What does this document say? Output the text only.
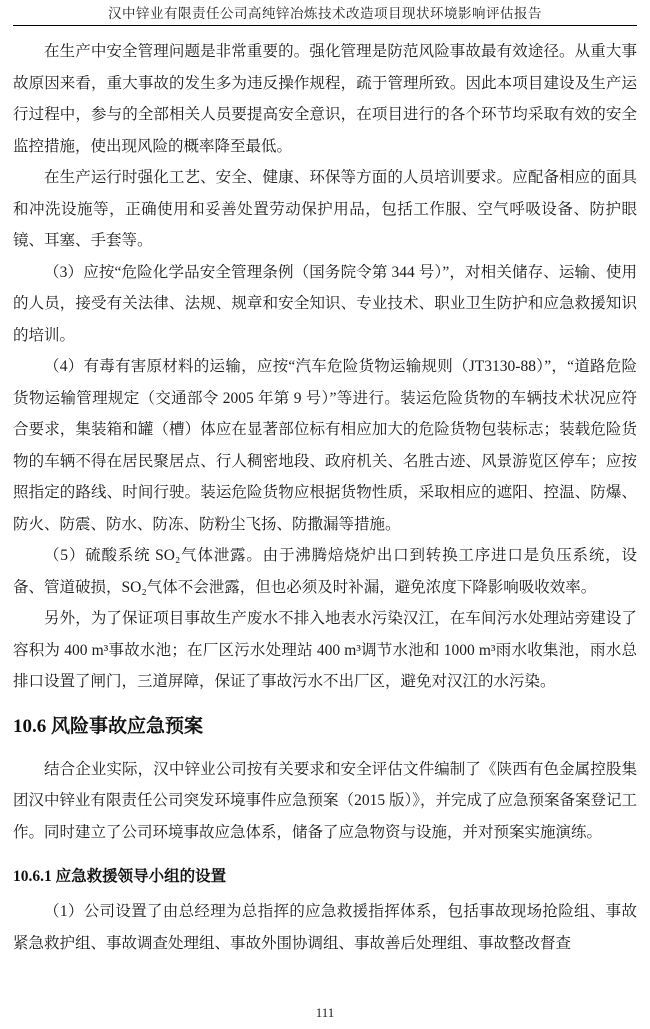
汉中锌业有限责任公司高纯锌冶炼技术改造项目现状环境影响评估报告

在生产中安全管理问题是非常重要的。强化管理是防范风险事故最有效途径。从重大事故原因来看，重大事故的发生多为违反操作规程，疏于管理所致。因此本项目建设及生产运行过程中，参与的全部相关人员要提高安全意识，在项目进行的各个环节均采取有效的安全监控措施，使出现风险的概率降至最低。

在生产运行时强化工艺、安全、健康、环保等方面的人员培训要求。应配备相应的面具和冲洗设施等，正确使用和妥善处置劳动保护用品，包括工作服、空气呼吸设备、防护眼镜、耳塞、手套等。

（3）应按“危险化学品安全管理条例（国务院令第 344 号）”，对相关储存、运输、使用的人员，接受有关法律、法规、规章和安全知识、专业技术、职业卫生防护和应急救援知识的培训。

（4）有毒有害原材料的运输，应按“汽车危险货物运输规则（JT3130-88）”，“道路危险货物运输管理规定（交通部令 2005 年第 9 号）”等进行。装运危险货物的车辆技术状况应符合要求，集装箱和罐（槽）体应在显著部位标有相应加大的危险货物包装标志；装载危险货物的车辆不得在居民聚居点、行人稠密地段、政府机关、名胜古迹、风景游览区停车；应按照指定的路线、时间行驶。装运危险货物应根据货物性质，采取相应的遮阳、控温、防爆、防火、防震、防水、防冻、防粉尘飞扬、防撒漏等措施。

（5）硫酸系统 SO₂气体泄露。由于沸腾焙烧炉出口到转换工序进口是负压系统，设备、管道破损，SO₂气体不会泄露，但也必须及时补漏，避免浓度下降影响吸收效率。

另外，为了保证项目事故生产废水不排入地表水污染汉江，在车间污水处理站旁建设了容积为 400 m³事故水池；在厂区污水处理站 400 m³调节水池和 1000 m³雨水收集池，雨水总排口设置了闸门，三道屏障，保证了事故污水不出厂区，避免对汉江的水污染。

10.6 风险事故应急预案

结合企业实际，汉中锌业公司按有关要求和安全评估文件编制了《陕西有色金属控股集团汉中锌业有限责任公司突发环境事件应急预案（2015 版）》，并完成了应急预案备案登记工作。同时建立了公司环境事故应急体系，储备了应急物资与设施，并对预案实施演练。

10.6.1 应急救援领导小组的设置

（1）公司设置了由总经理为总指挥的应急救援指挥体系，包括事故现场抢险组、事故紧急救护组、事故调查处理组、事故外围协调组、事故善后处理组、事故整改督查

111
